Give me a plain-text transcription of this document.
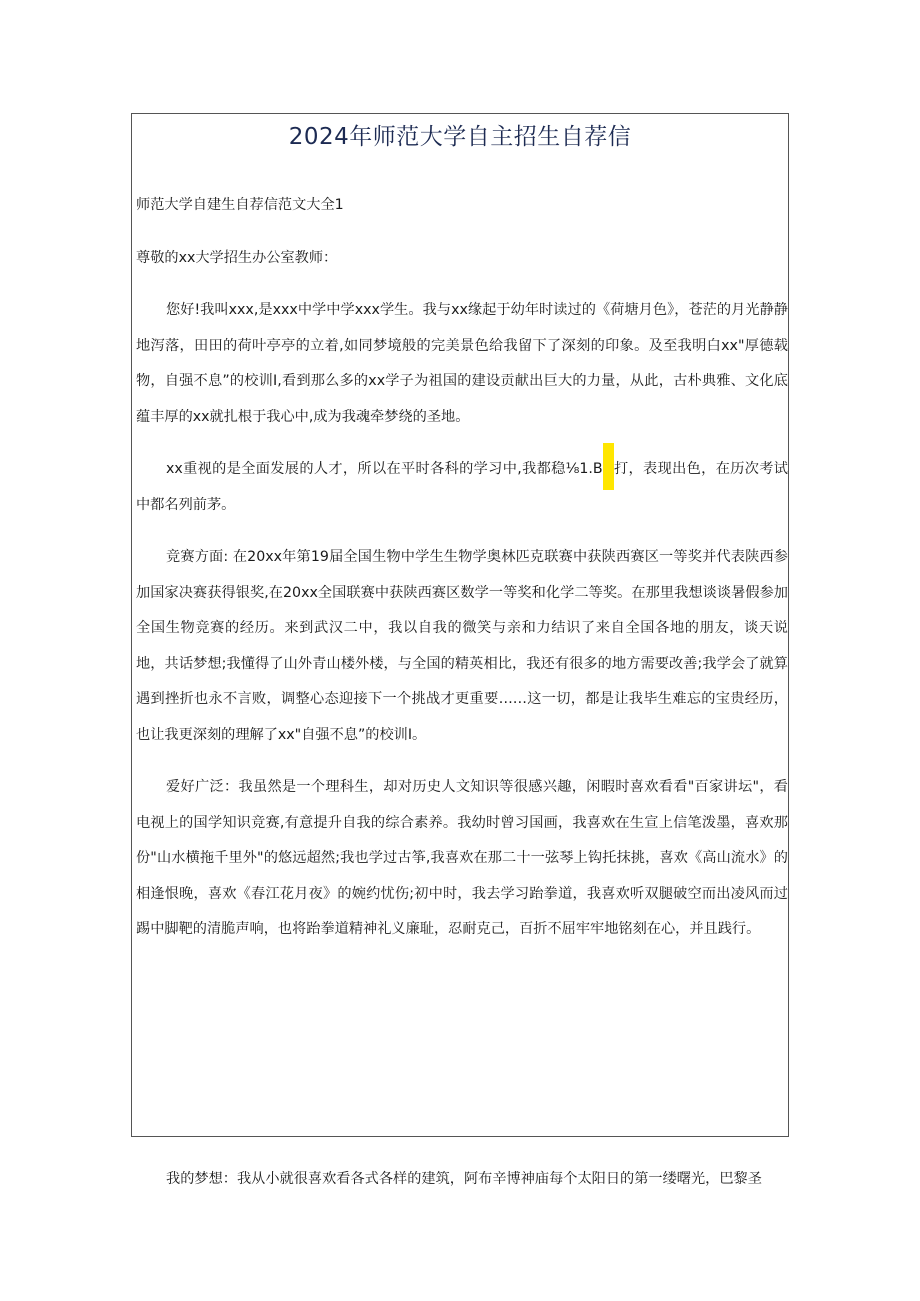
2024年师范大学自主招生自荐信

师范大学自建生自荐信范文大全1

尊敬的xx大学招生办公室教师：

您好!我叫xxx,是xxx中学中学xxx学生。我与xx缘起于幼年时读过的《荷塘月色》，苍茫的月光静静地泻落，田田的荷叶亭亭的立着,如同梦境般的完美景色给我留下了深刻的印象。及至我明白xx"厚德载物，自强不息”的校训I,看到那么多的xx学子为祖国的建设贡献出巨大的力量，从此，古朴典雅、文化底蕴丰厚的xx就扎根于我心中,成为我魂牵梦绕的圣地。

xx重视的是全面发展的人才，所以在平时各科的学习中,我都稳⅛1.B 打，表现出色，在历次考试中都名列前茅。

竞赛方面: 在20xx年第19届全国生物中学生生物学奥林匹克联赛中获陕西赛区一等奖并代表陕西参加国家决赛获得银奖,在20xx全国联赛中获陕西赛区数学一等奖和化学二等奖。在那里我想谈谈暑假参加全国生物竞赛的经历。来到武汉二中，我以自我的微笑与亲和力结识了来自全国各地的朋友，谈天说地，共话梦想;我懂得了山外青山楼外楼，与全国的精英相比，我还有很多的地方需要改善;我学会了就算遇到挫折也永不言败，调整心态迎接下一个挑战才更重要……这一切，都是让我毕生难忘的宝贵经历，也让我更深刻的理解了xx"自强不息”的校训I。

爱好广泛：我虽然是一个理科生，却对历史人文知识等很感兴趣，闲暇时喜欢看看"百家讲坛"，看电视上的国学知识竞赛,有意提升自我的综合素养。我幼时曾习国画，我喜欢在生宣上信笔泼墨，喜欢那份"山水横拖千里外"的悠远超然;我也学过古筝,我喜欢在那二十一弦琴上钩托抹挑，喜欢《高山流水》的相逢恨晚，喜欢《春江花月夜》的婉约忧伤;初中时，我去学习跆拳道，我喜欢听双腿破空而出凌风而过踢中脚靶的清脆声响，也将跆拳道精神礼义廉耻，忍耐克己，百折不屈牢牢地铭刻在心，并且践行。

我的梦想：我从小就很喜欢看各式各样的建筑，阿布辛博神庙每个太阳日的第一缕曙光，巴黎圣
